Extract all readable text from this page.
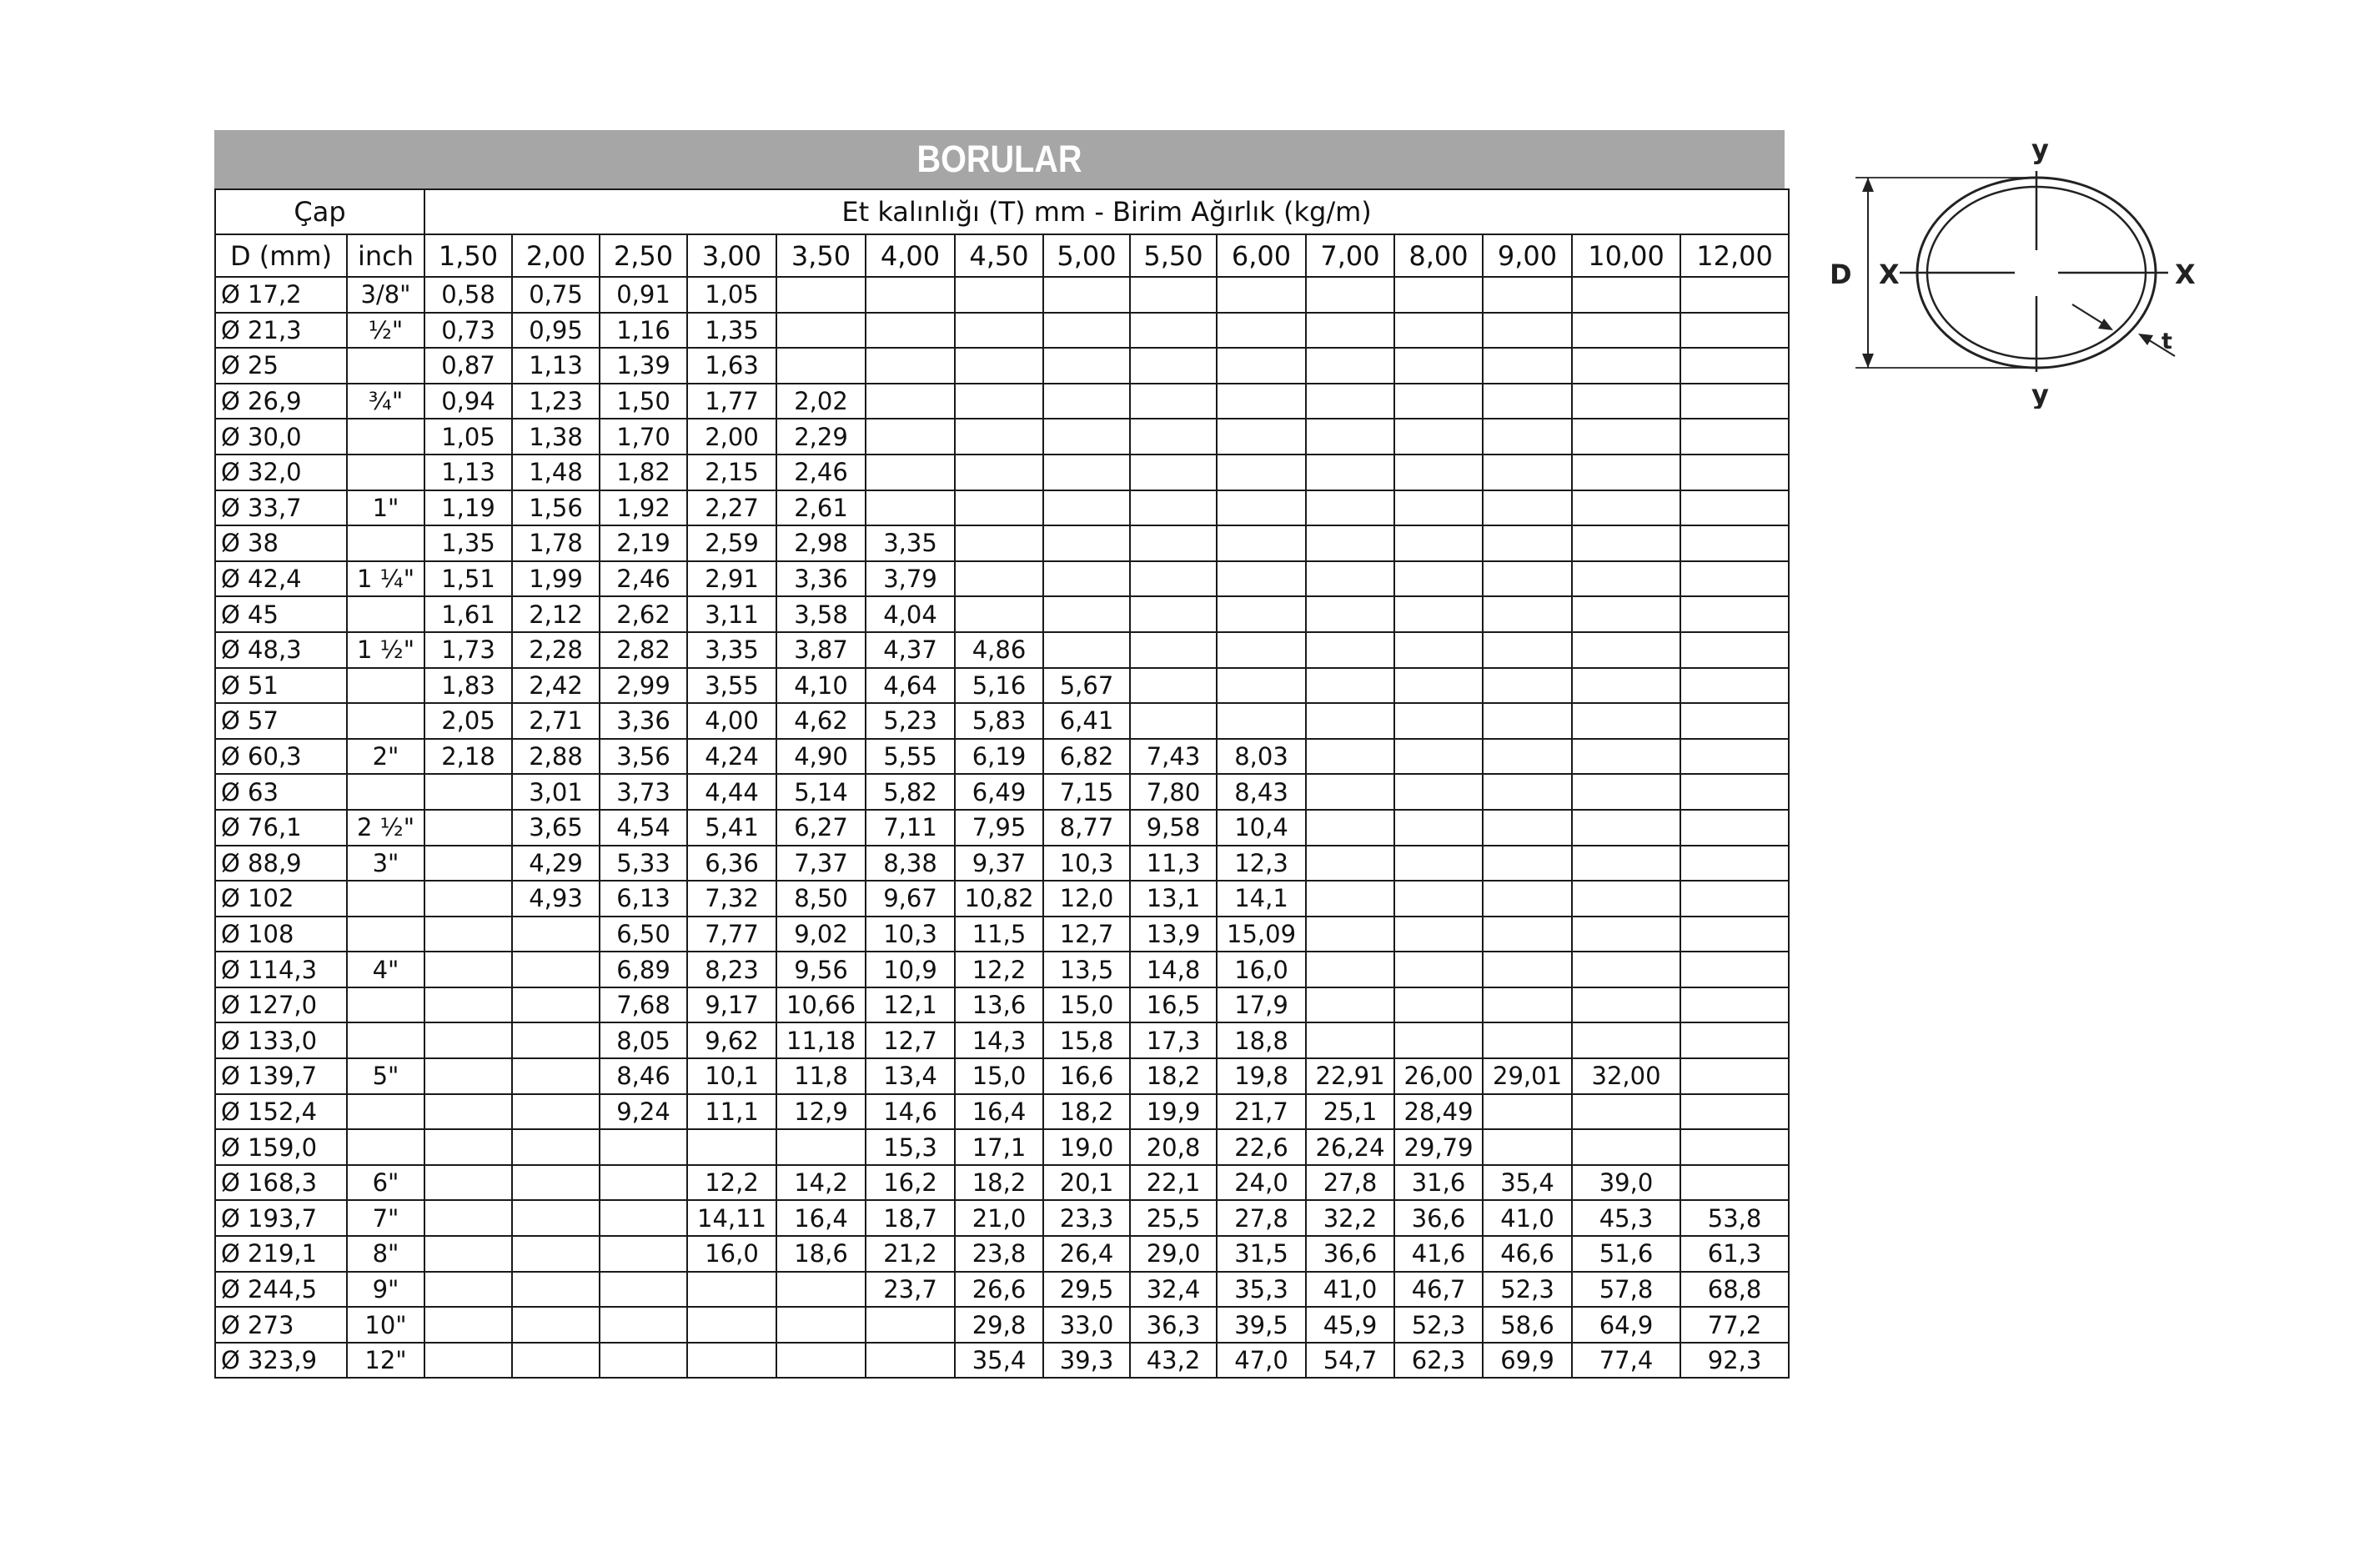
BORULAR
Çap		Et kalınlığı (T) mm - Birim Ağırlık (kg/m)														
D (mm)	inch	1,50	2,00	2,50	3,00	3,50	4,00	4,50	5,00	5,50	6,00	7,00	8,00	9,00	10,00	12,00
Ø 17,2	3/8"	0,58	0,75	0,91	1,05											
Ø 21,3	½"	0,73	0,95	1,16	1,35											
Ø 25		0,87	1,13	1,39	1,63											
Ø 26,9	¾"	0,94	1,23	1,50	1,77	2,02										
Ø 30,0		1,05	1,38	1,70	2,00	2,29										
Ø 32,0		1,13	1,48	1,82	2,15	2,46										
Ø 33,7	1"	1,19	1,56	1,92	2,27	2,61										
Ø 38		1,35	1,78	2,19	2,59	2,98	3,35									
Ø 42,4	1 ¼"	1,51	1,99	2,46	2,91	3,36	3,79									
Ø 45		1,61	2,12	2,62	3,11	3,58	4,04									
Ø 48,3	1 ½"	1,73	2,28	2,82	3,35	3,87	4,37	4,86								
Ø 51		1,83	2,42	2,99	3,55	4,10	4,64	5,16	5,67							
Ø 57		2,05	2,71	3,36	4,00	4,62	5,23	5,83	6,41							
Ø 60,3	2"	2,18	2,88	3,56	4,24	4,90	5,55	6,19	6,82	7,43	8,03					
Ø 63			3,01	3,73	4,44	5,14	5,82	6,49	7,15	7,80	8,43					
Ø 76,1	2 ½"		3,65	4,54	5,41	6,27	7,11	7,95	8,77	9,58	10,4					
Ø 88,9	3"		4,29	5,33	6,36	7,37	8,38	9,37	10,3	11,3	12,3					
Ø 102			4,93	6,13	7,32	8,50	9,67	10,82	12,0	13,1	14,1					
Ø 108				6,50	7,77	9,02	10,3	11,5	12,7	13,9	15,09					
Ø 114,3	4"			6,89	8,23	9,56	10,9	12,2	13,5	14,8	16,0					
Ø 127,0				7,68	9,17	10,66	12,1	13,6	15,0	16,5	17,9					
Ø 133,0				8,05	9,62	11,18	12,7	14,3	15,8	17,3	18,8					
Ø 139,7	5"			8,46	10,1	11,8	13,4	15,0	16,6	18,2	19,8	22,91	26,00	29,01	32,00	
Ø 152,4				9,24	11,1	12,9	14,6	16,4	18,2	19,9	21,7	25,1	28,49			
Ø 159,0							15,3	17,1	19,0	20,8	22,6	26,24	29,79			
Ø 168,3	6"				12,2	14,2	16,2	18,2	20,1	22,1	24,0	27,8	31,6	35,4	39,0	
Ø 193,7	7"				14,11	16,4	18,7	21,0	23,3	25,5	27,8	32,2	36,6	41,0	45,3	53,8
Ø 219,1	8"				16,0	18,6	21,2	23,8	26,4	29,0	31,5	36,6	41,6	46,6	51,6	61,3
Ø 244,5	9"						23,7	26,6	29,5	32,4	35,3	41,0	46,7	52,3	57,8	68,8
Ø 273	10"							29,8	33,0	36,3	39,5	45,9	52,3	58,6	64,9	77,2
Ø 323,9	12"							35,4	39,3	43,2	47,0	54,7	62,3	69,9	77,4	92,3
y
y
X	X
D
t
